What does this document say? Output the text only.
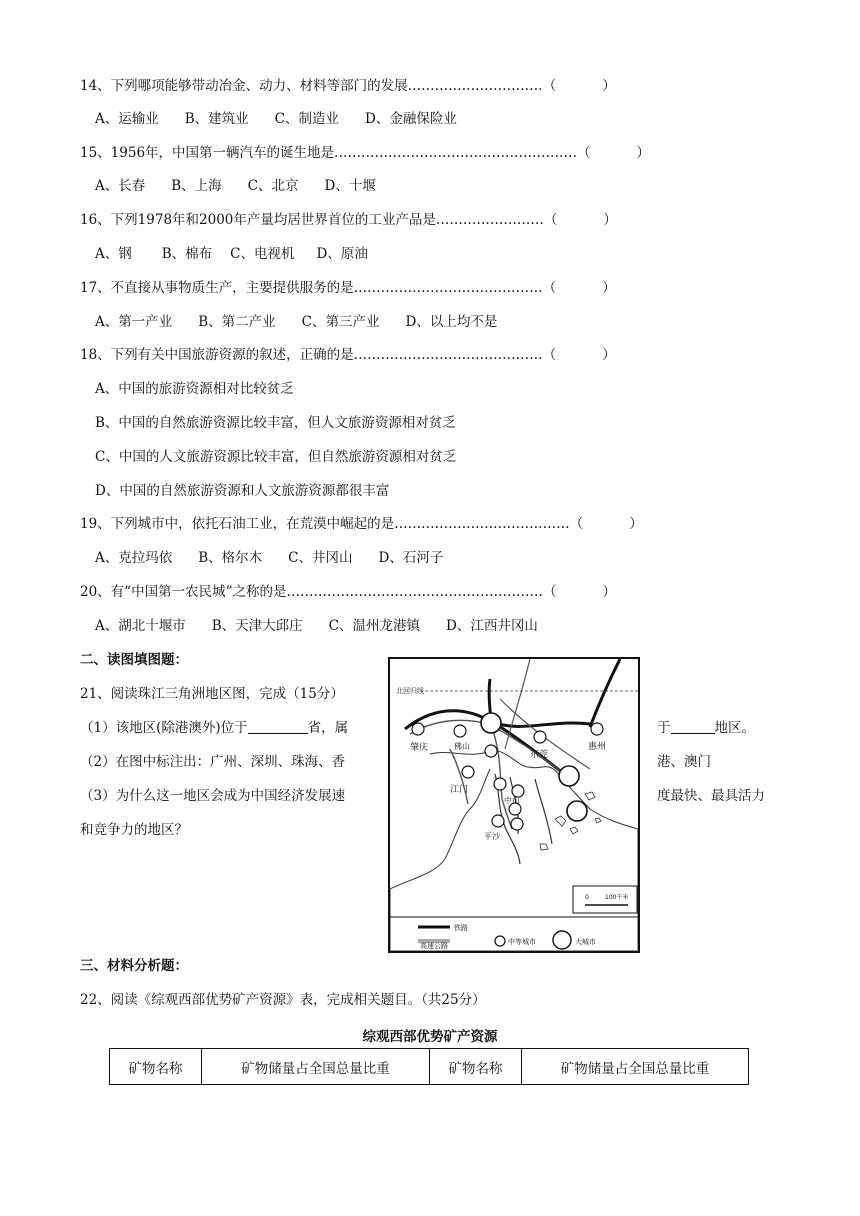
14、下列哪项能够带动冶金、动力、材料等部门的发展…………………………（	）
A、运输业 B、建筑业 C、制造业 D、金融保险业
15、1956年，中国第一辆汽车的诞生地是………………………………………………（	）
A、长春 B、上海 C、北京 D、十堰
16、下列1978年和2000年产量均居世界首位的工业产品是……………………（	）
A、钢 B、棉布 C、电视机 D、原油
17、不直接从事物质生产，主要提供服务的是……………………………………（	）
A、第一产业 B、第二产业 C、第三产业 D、以上均不是
18、下列有关中国旅游资源的叙述，正确的是……………………………………（	）
A、中国的旅游资源相对比较贫乏
B、中国的自然旅游资源比较丰富，但人文旅游资源相对贫乏
C、中国的人文旅游资源比较丰富，但自然旅游资源相对贫乏
D、中国的自然旅游资源和人文旅游资源都很丰富
19、下列城市中，依托石油工业，在荒漠中崛起的是…………………………………（	）
A、克拉玛依 B、格尔木 C、井冈山 D、石河子
20、有“中国第一农民城”之称的是…………………………………………………（	）
A、湖北十堰市 B、天津大邱庄 C、温州龙港镇 D、江西井冈山
二、读图填图题：
21、阅读珠江三角洲地区图，完成（15分）
（1）该地区(除港澳外)位于	省，属	于	地区。
（2）在图中标注出：广州、深圳、珠海、香	港、澳门
（3）为什么这一地区会成为中国经济发展速	度最快、最具活力
和竞争力的地区？
北回归线
肇庆	佛山
东莞
惠州
江门
中山
平沙
0	100千米
铁路
高速公路	中等城市	大城市
三、材料分析题：
22、阅读《综观西部优势矿产资源》表，完成相关题目。（共25分）
综观西部优势矿产资源
矿物名称	矿物储量占全国总量比重	矿物名称	矿物储量占全国总量比重
